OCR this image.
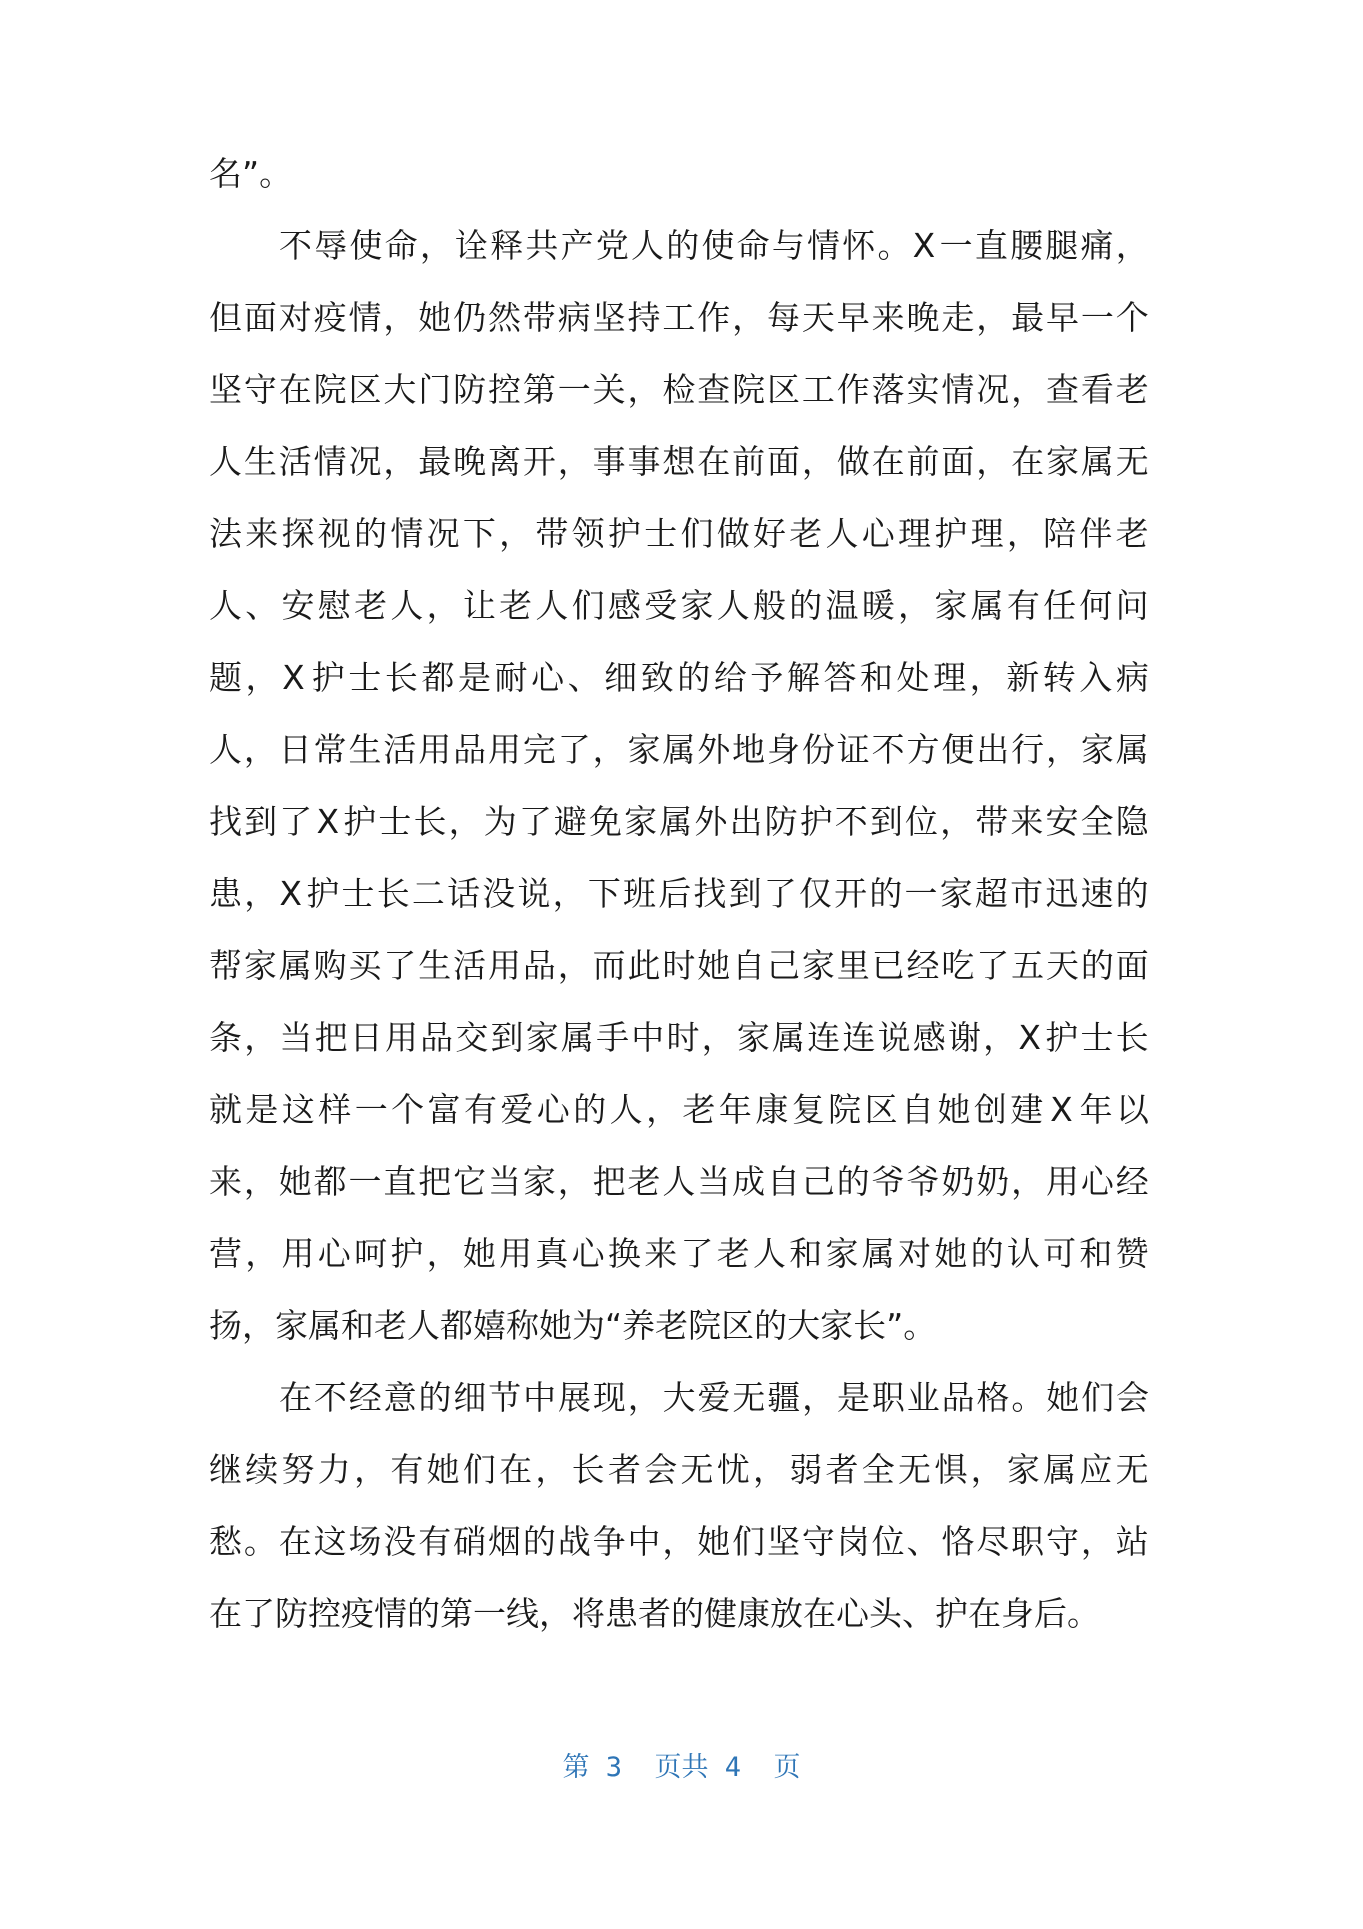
名”。
不 辱 使 命 ， 诠 释 共 产 党 人 的 使 命 与 情 怀 。 X 一 直 腰 腿 痛 ，
但 面 对 疫 情 ， 她 仍 然 带 病 坚 持 工 作 ， 每 天 早 来 晚 走 ， 最 早 一 个
坚 守 在 院 区 大 门 防 控 第 一 关 ， 检 查 院 区 工 作 落 实 情 况 ， 查 看 老
人 生 活 情 况 ， 最 晚 离 开 ， 事 事 想 在 前 面 ， 做 在 前 面 ， 在 家 属 无
法 来 探 视 的 情 况 下 ， 带 领 护 士 们 做 好 老 人 心 理 护 理 ， 陪 伴 老
人 、 安 慰 老 人 ， 让 老 人 们 感 受 家 人 般 的 温 暖 ， 家 属 有 任 何 问
题 ， X 护 士 长 都 是 耐 心 、 细 致 的 给 予 解 答 和 处 理 ， 新 转 入 病
人 ， 日 常 生 活 用 品 用 完 了 ， 家 属 外 地 身 份 证 不 方 便 出 行 ， 家 属
找 到 了 X 护 士 长 ， 为 了 避 免 家 属 外 出 防 护 不 到 位 ， 带 来 安 全 隐
患 ， X 护 士 长 二 话 没 说 ， 下 班 后 找 到 了 仅 开 的 一 家 超 市 迅 速 的
帮 家 属 购 买 了 生 活 用 品 ， 而 此 时 她 自 己 家 里 已 经 吃 了 五 天 的 面
条 ， 当 把 日 用 品 交 到 家 属 手 中 时 ， 家 属 连 连 说 感 谢 ， X 护 士 长
就 是 这 样 一 个 富 有 爱 心 的 人 ， 老 年 康 复 院 区 自 她 创 建 X 年 以
来 ， 她 都 一 直 把 它 当 家 ， 把 老 人 当 成 自 己 的 爷 爷 奶 奶 ， 用 心 经
营 ， 用 心 呵 护 ， 她 用 真 心 换 来 了 老 人 和 家 属 对 她 的 认 可 和 赞
扬，家属和老人都嬉称她为“养老院区的大家长”。
在 不 经 意 的 细 节 中 展 现 ， 大 爱 无 疆 ， 是 职 业 品 格 。 她 们 会
继 续 努 力 ， 有 她 们 在 ， 长 者 会 无 忧 ， 弱 者 全 无 惧 ， 家 属 应 无
愁 。 在 这 场 没 有 硝 烟 的 战 争 中 ， 她 们 坚 守 岗 位 、 恪 尽 职 守 ， 站
在了防控疫情的第一线，将患者的健康放在心头、护在身后。
第 3  页共 4  页
